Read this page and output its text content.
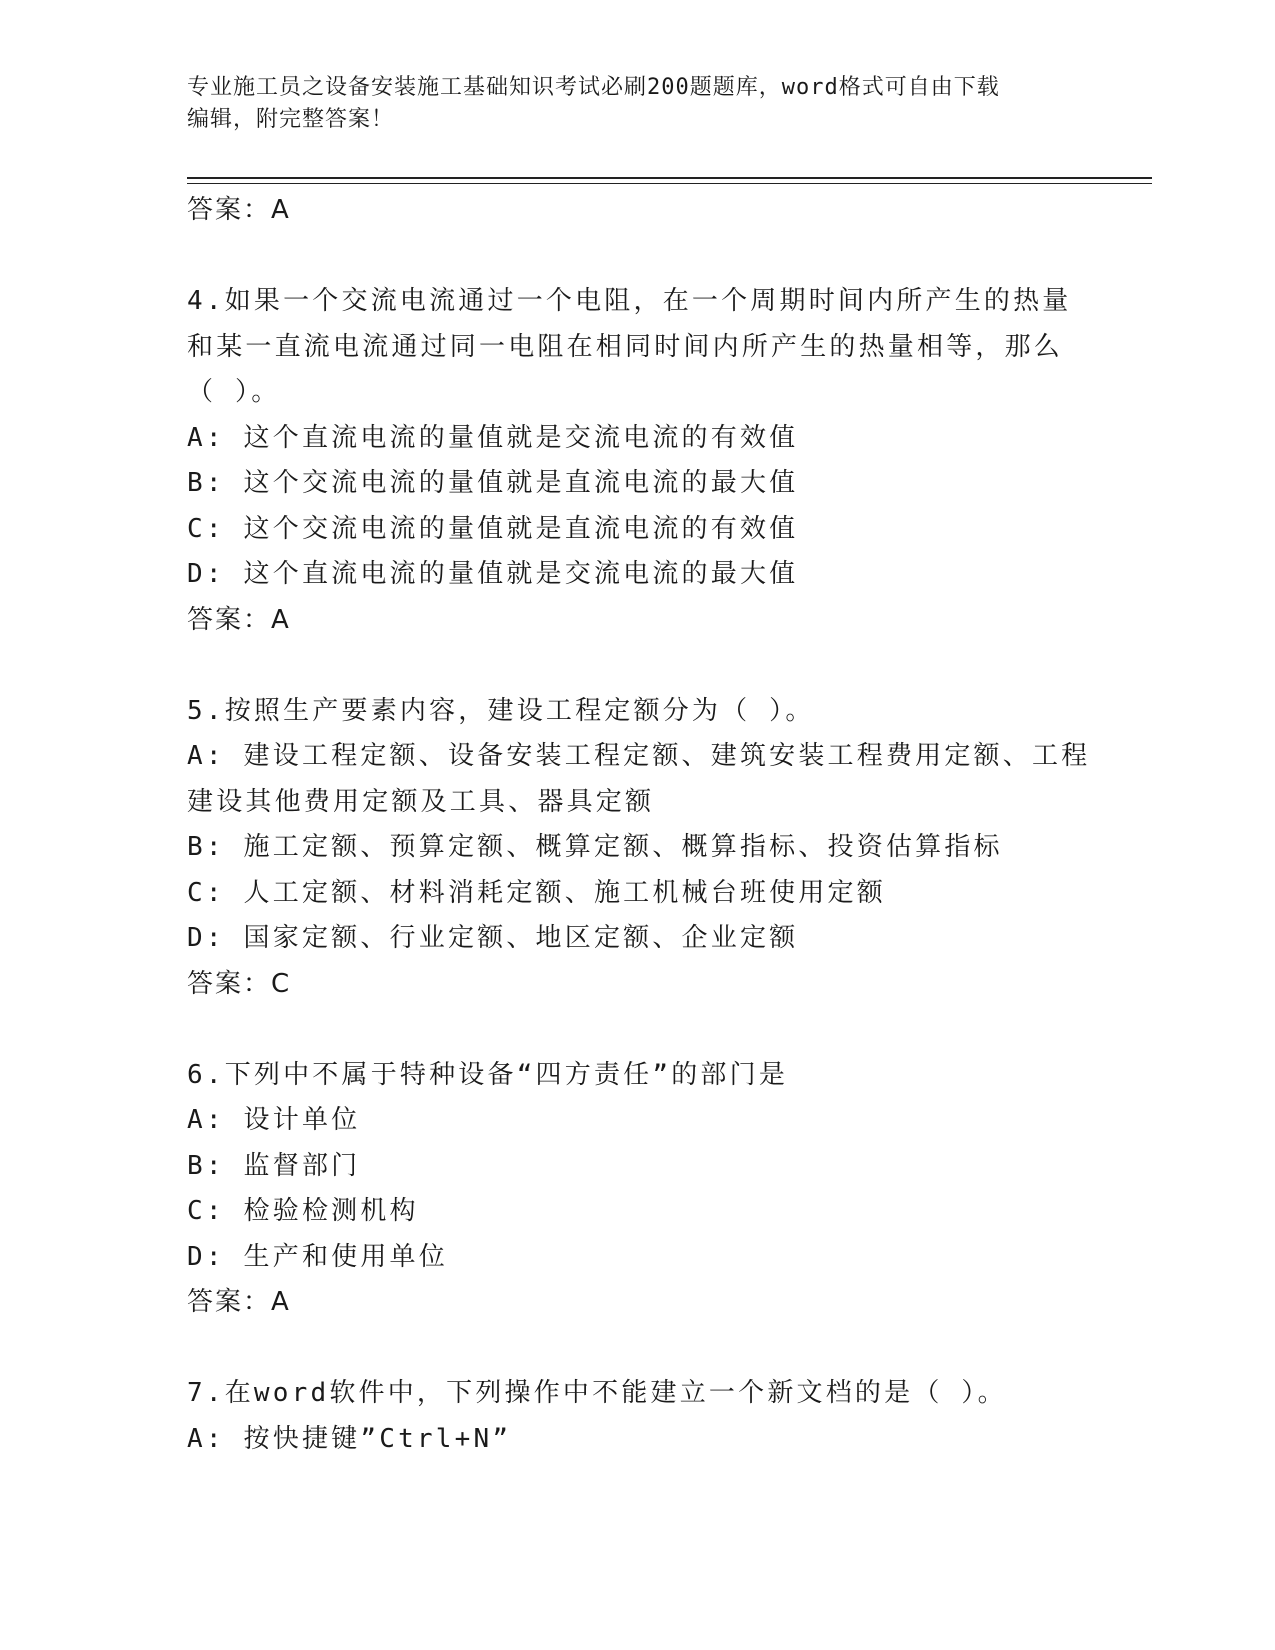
专业施工员之设备安装施工基础知识考试必刷200题题库，word格式可自由下载
编辑，附完整答案！
答案：A
4.如果一个交流电流通过一个电阻，在一个周期时间内所产生的热量
和某一直流电流通过同一电阻在相同时间内所产生的热量相等，那么
（ ）。
A: 这个直流电流的量值就是交流电流的有效值
B: 这个交流电流的量值就是直流电流的最大值
C: 这个交流电流的量值就是直流电流的有效值
D: 这个直流电流的量值就是交流电流的最大值
答案：A
5.按照生产要素内容，建设工程定额分为（ ）。
A: 建设工程定额、设备安装工程定额、建筑安装工程费用定额、工程
建设其他费用定额及工具、器具定额
B: 施工定额、预算定额、概算定额、概算指标、投资估算指标
C: 人工定额、材料消耗定额、施工机械台班使用定额
D: 国家定额、行业定额、地区定额、企业定额
答案：C
6.下列中不属于特种设备“四方责任”的部门是
A: 设计单位
B: 监督部门
C: 检验检测机构
D: 生产和使用单位
答案：A
7.在word软件中，下列操作中不能建立一个新文档的是（ ）。
A: 按快捷键”Ctrl+N”
